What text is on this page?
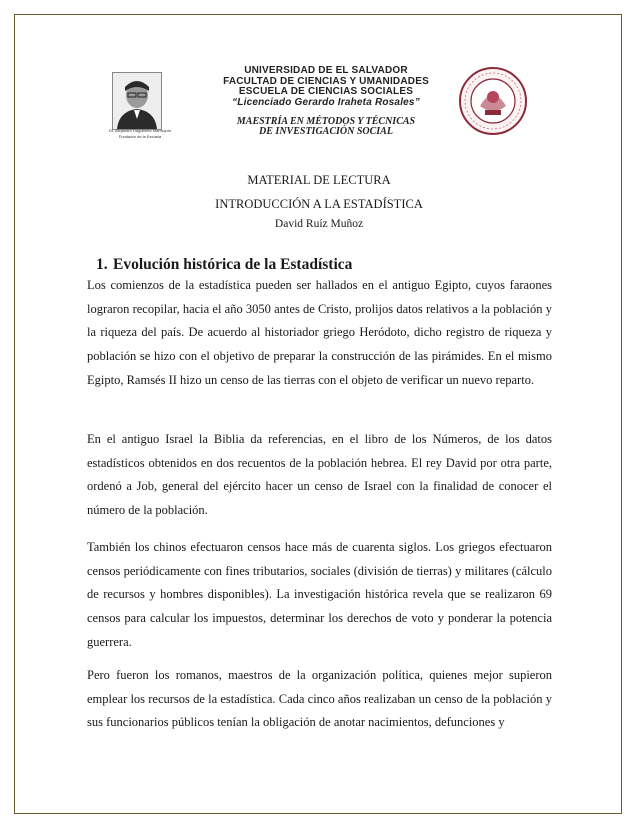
Dr. Alejandro Dagoberto Marroquín
Fundador de la Escuela
UNIVERSIDAD DE EL SALVADOR
FACULTAD DE CIENCIAS Y UMANIDADES
ESCUELA DE CIENCIAS SOCIALES
“Licenciado Gerardo Iraheta Rosales”
MAESTRÍA EN MÉTODOS Y TÉCNICAS
DE INVESTIGACIÓN SOCIAL
MATERIAL DE LECTURA
INTRODUCCIÓN A LA ESTADÍSTICA
David Ruíz Muñoz
1. Evolución histórica de la Estadística
Los comienzos de la estadística pueden ser hallados en el antiguo Egipto, cuyos faraones lograron recopilar, hacia el año 3050 antes de Cristo, prolijos datos relativos a la población y la riqueza del país. De acuerdo al historiador griego Heródoto, dicho registro de riqueza y población se hizo con el objetivo de preparar la construcción de las pirámides. En el mismo Egipto, Ramsés II hizo un censo de las tierras con el objeto de verificar un nuevo reparto.
En el antiguo Israel la Biblia da referencias, en el libro de los Números, de los datos estadísticos obtenidos en dos recuentos de la población hebrea. El rey David por otra parte, ordenó a Job, general del ejército hacer un censo de Israel con la finalidad de conocer el número de la población.
También los chinos efectuaron censos hace más de cuarenta siglos. Los griegos efectuaron censos periódicamente con fines tributarios, sociales (división de tierras) y militares (cálculo de recursos y hombres disponibles). La investigación histórica revela que se realizaron 69 censos para calcular los impuestos, determinar los derechos de voto y ponderar la potencia guerrera.
Pero fueron los romanos, maestros de la organización política, quienes mejor supieron emplear los recursos de la estadística. Cada cinco años realizaban un censo de la población y sus funcionarios públicos tenían la obligación de anotar nacimientos, defunciones y
